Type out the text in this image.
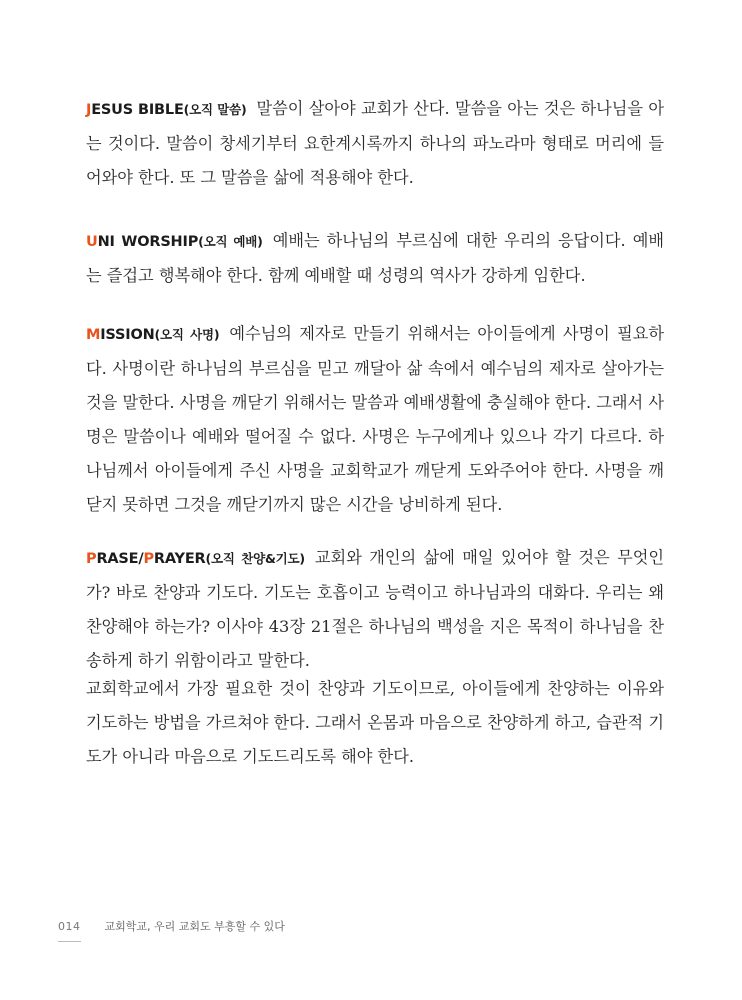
JESUS BIBLE(오직 말씀) 말씀이 살아야 교회가 산다. 말씀을 아는 것은 하나님을 아는 것이다. 말씀이 창세기부터 요한계시록까지 하나의 파노라마 형태로 머리에 들어와야 한다. 또 그 말씀을 삶에 적용해야 한다.

UNI WORSHIP(오직 예배) 예배는 하나님의 부르심에 대한 우리의 응답이다. 예배는 즐겁고 행복해야 한다. 함께 예배할 때 성령의 역사가 강하게 임한다.

MISSION(오직 사명) 예수님의 제자로 만들기 위해서는 아이들에게 사명이 필요하다. 사명이란 하나님의 부르심을 믿고 깨달아 삶 속에서 예수님의 제자로 살아가는 것을 말한다. 사명을 깨닫기 위해서는 말씀과 예배생활에 충실해야 한다. 그래서 사명은 말씀이나 예배와 떨어질 수 없다. 사명은 누구에게나 있으나 각기 다르다. 하나님께서 아이들에게 주신 사명을 교회학교가 깨닫게 도와주어야 한다. 사명을 깨닫지 못하면 그것을 깨닫기까지 많은 시간을 낭비하게 된다.

PRASE/PRAYER(오직 찬양&기도) 교회와 개인의 삶에 매일 있어야 할 것은 무엇인가? 바로 찬양과 기도다. 기도는 호흡이고 능력이고 하나님과의 대화다. 우리는 왜 찬양해야 하는가? 이사야 43장 21절은 하나님의 백성을 지은 목적이 하나님을 찬송하게 하기 위함이라고 말한다.

교회학교에서 가장 필요한 것이 찬양과 기도이므로, 아이들에게 찬양하는 이유와 기도하는 방법을 가르쳐야 한다. 그래서 온몸과 마음으로 찬양하게 하고, 습관적 기도가 아니라 마음으로 기도드리도록 해야 한다.

014 교회학교, 우리 교회도 부흥할 수 있다
